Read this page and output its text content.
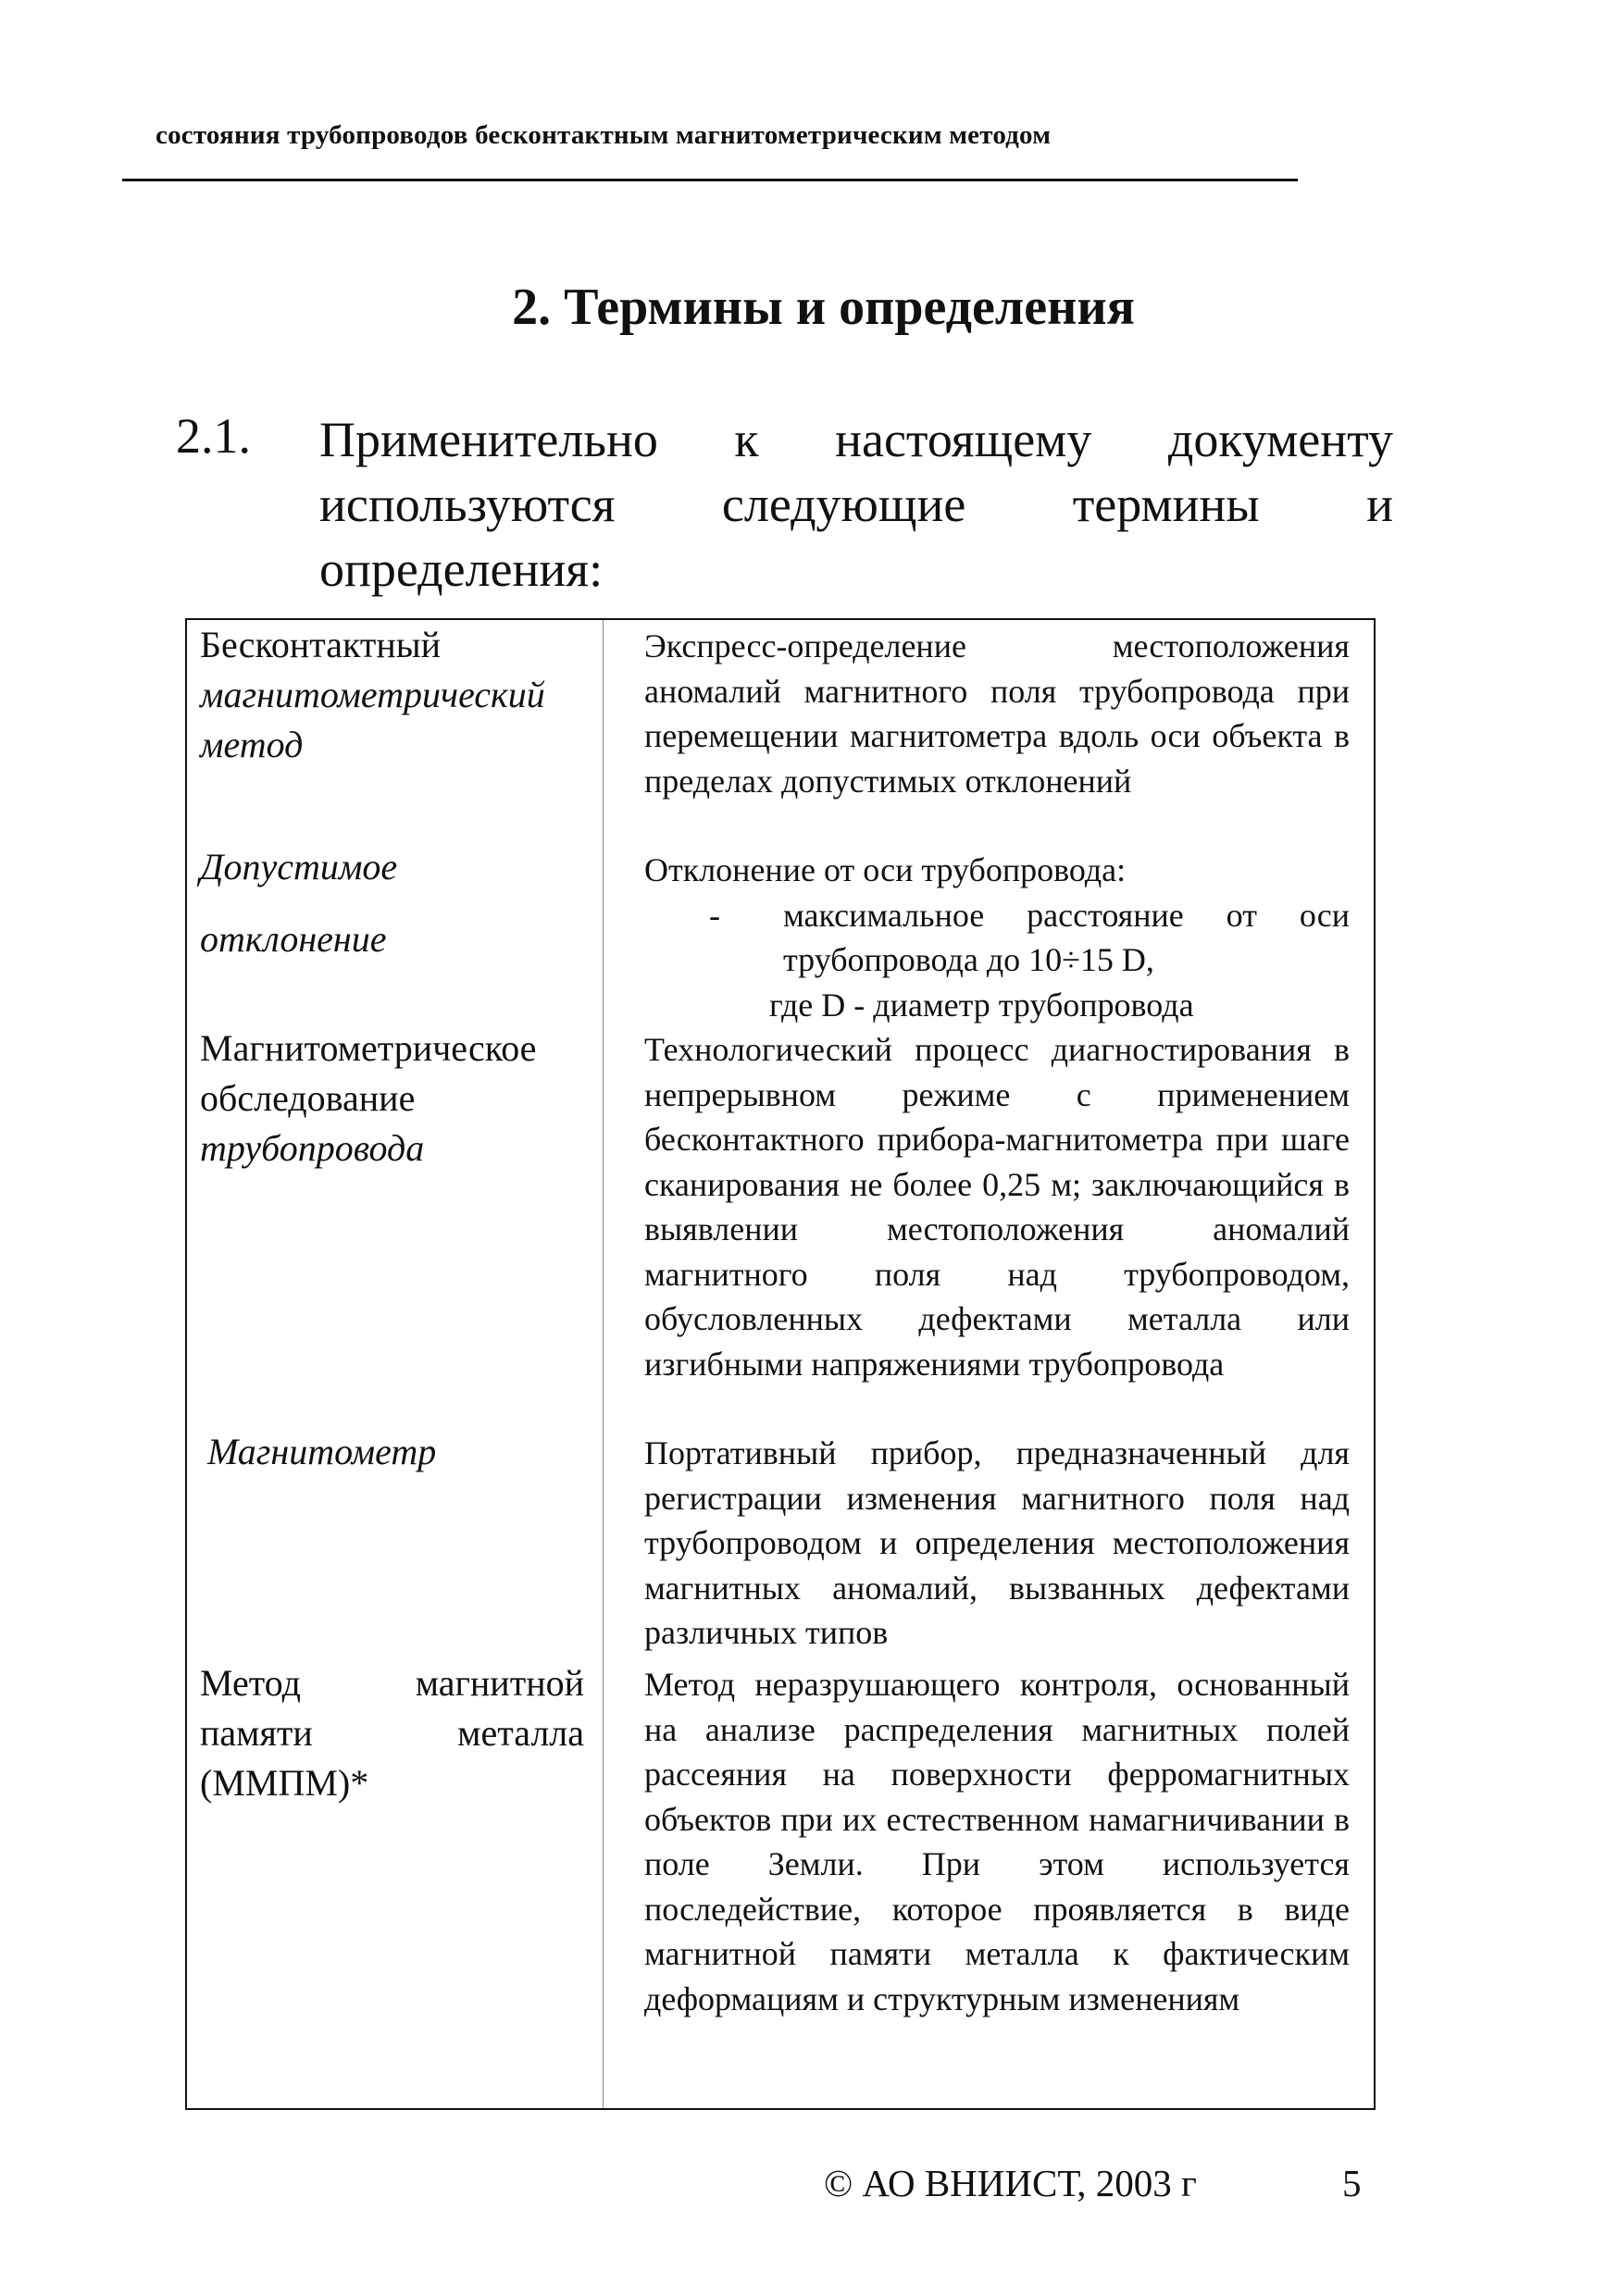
состояния трубопроводов бесконтактным магнитометрическим методом
2. Термины и определения
2.1. Применительно к настоящему документу используются следующие термины и определения:
Бесконтактный
магнитометрический
метод
Экспресс-определение местоположения аномалий магнитного поля трубопровода при перемещении магнитометра вдоль оси объекта в пределах допустимых отклонений
Допустимое
отклонение
Отклонение от оси трубопровода:
- максимальное расстояние от оси
трубопровода до 10÷15 D,
где D - диаметр трубопровода
Магнитометрическое
обследование
трубопровода
Технологический процесс диагностирования в непрерывном режиме с применением бесконтактного прибора-магнитометра при шаге сканирования не более 0,25 м; заключающийся в выявлении местоположения аномалий магнитного поля над трубопроводом, обусловленных дефектами металла или изгибными напряжениями трубопровода
Магнитометр	Портативный прибор, предназначенный для регистрации изменения магнитного поля над трубопроводом и определения местоположения магнитных аномалий, вызванных дефектами различных типов
Метод магнитной памяти металла (ММПМ)*
Метод неразрушающего контроля, основанный на анализе распределения магнитных полей рассеяния на поверхности ферромагнитных объектов при их естественном намагничивании в поле Земли. При этом используется последействие, которое проявляется в виде магнитной памяти металла к фактическим деформациям и структурным изменениям
© АО ВНИИСТ, 2003 г	5
